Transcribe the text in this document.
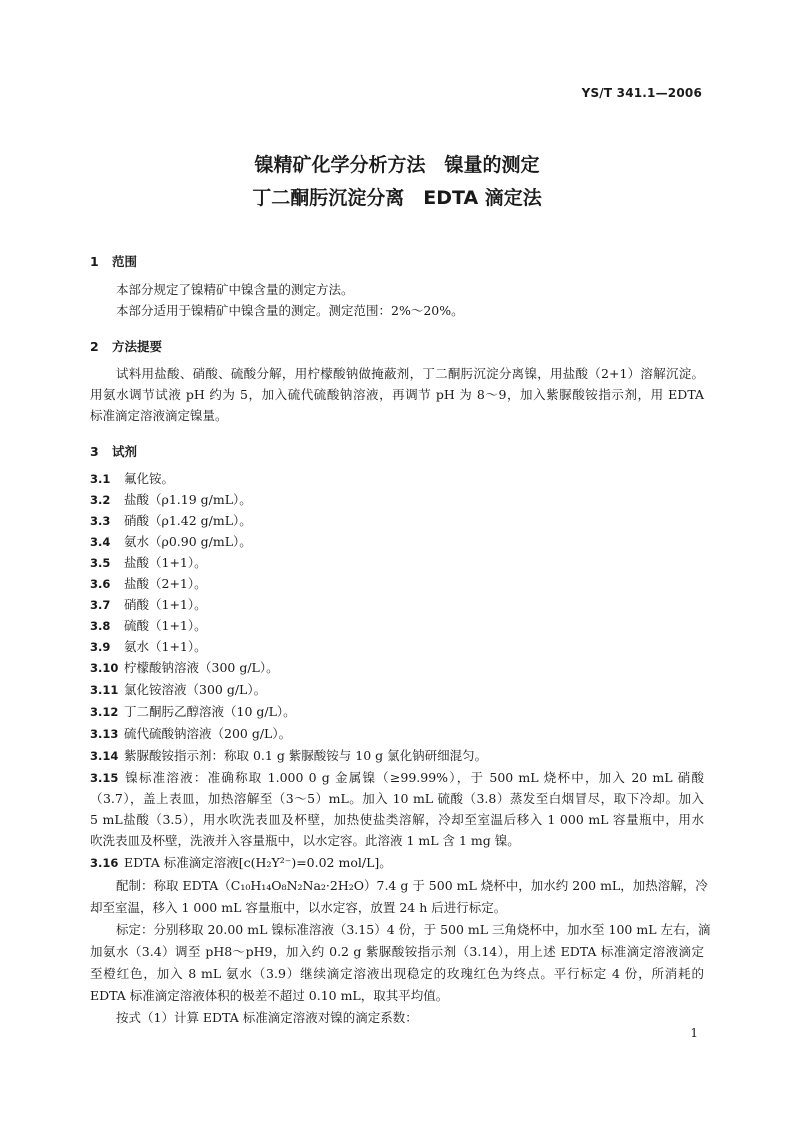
YS/T 341.1—2006
镍精矿化学分析方法　镍量的测定
丁二酮肟沉淀分离　EDTA 滴定法
1 范围
本部分规定了镍精矿中镍含量的测定方法。
本部分适用于镍精矿中镍含量的测定。测定范围：2%～20%。
2 方法提要
试料用盐酸、硝酸、硫酸分解，用柠檬酸钠做掩蔽剂，丁二酮肟沉淀分离镍，用盐酸（2+1）溶解沉淀。
用氨水调节试液 pH 约为 5，加入硫代硫酸钠溶液，再调节 pH 为 8～9，加入紫脲酸铵指示剂，用 EDTA
标准滴定溶液滴定镍量。
3 试剂
3.1 氟化铵。
3.2 盐酸（ρ1.19 g/mL）。
3.3 硝酸（ρ1.42 g/mL）。
3.4 氨水（ρ0.90 g/mL）。
3.5 盐酸（1+1）。
3.6 盐酸（2+1）。
3.7 硝酸（1+1）。
3.8 硫酸（1+1）。
3.9 氨水（1+1）。
3.10 柠檬酸钠溶液（300 g/L）。
3.11 氯化铵溶液（300 g/L）。
3.12 丁二酮肟乙醇溶液（10 g/L）。
3.13 硫代硫酸钠溶液（200 g/L）。
3.14 紫脲酸铵指示剂：称取 0.1 g 紫脲酸铵与 10 g 氯化钠研细混匀。
3.15 镍标准溶液：准确称取 1.000 0 g 金属镍（≥99.99%），于 500 mL 烧杯中，加入 20 mL 硝酸
（3.7），盖上表皿，加热溶解至（3～5）mL。加入 10 mL 硫酸（3.8）蒸发至白烟冒尽，取下冷却。加入
5 mL盐酸（3.5），用水吹洗表皿及杯壁，加热使盐类溶解，冷却至室温后移入 1 000 mL 容量瓶中，用水
吹洗表皿及杯壁，洗液并入容量瓶中，以水定容。此溶液 1 mL 含 1 mg 镍。
3.16 EDTA 标准滴定溶液[c(H₂Y²⁻)=0.02 mol/L]。
配制：称取 EDTA（C₁₀H₁₄O₈N₂Na₂·2H₂O）7.4 g 于 500 mL 烧杯中，加水约 200 mL，加热溶解，冷
却至室温，移入 1 000 mL 容量瓶中，以水定容，放置 24 h 后进行标定。
标定：分别移取 20.00 mL 镍标准溶液（3.15）4 份，于 500 mL 三角烧杯中，加水至 100 mL 左右，滴
加氨水（3.4）调至 pH8～pH9，加入约 0.2 g 紫脲酸铵指示剂（3.14），用上述 EDTA 标准滴定溶液滴定
至橙红色，加入 8 mL 氨水（3.9）继续滴定溶液出现稳定的玫瑰红色为终点。平行标定 4 份，所消耗的
EDTA 标准滴定溶液体积的极差不超过 0.10 mL，取其平均值。
按式（1）计算 EDTA 标准滴定溶液对镍的滴定系数：
1
